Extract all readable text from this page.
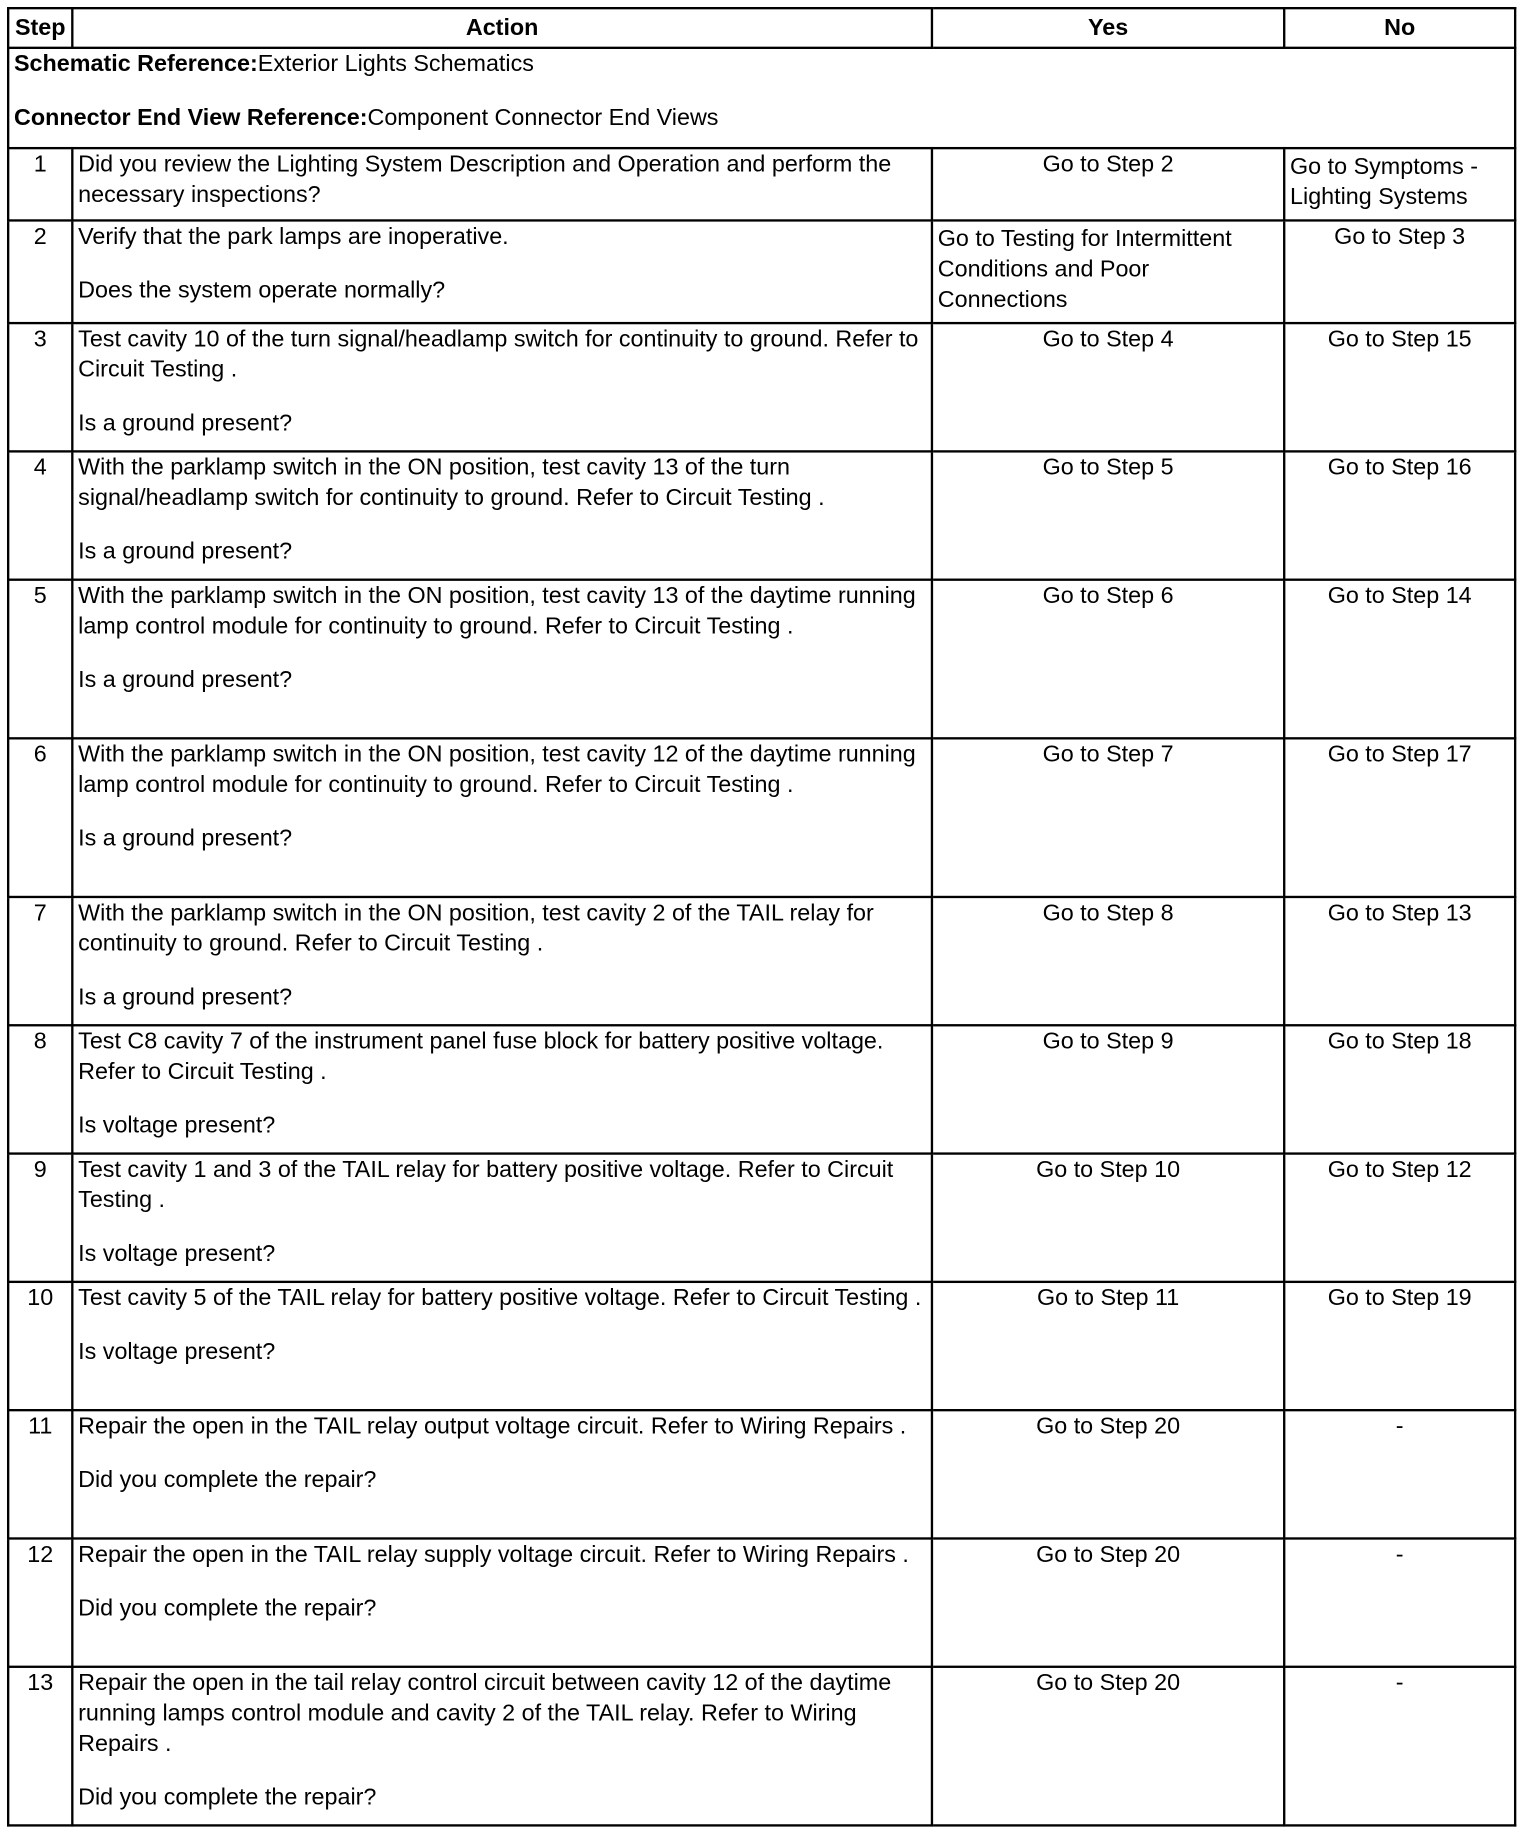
Step	Action	Yes	No

Schematic Reference:Exterior Lights Schematics

Connector End View Reference:Component Connector End Views			

1	Did you review the Lighting System Description and Operation and perform the necessary inspections?	Go to Step 2	Go to Symptoms - Lighting Systems
2	Verify that the park lamps are inoperative.
Does the system operate normally?	Go to Testing for Intermittent Conditions and Poor Connections	Go to Step 3
3	Test cavity 10 of the turn signal/headlamp switch for continuity to ground. Refer to Circuit Testing .
Is a ground present?	Go to Step 4	Go to Step 15
4	With the parklamp switch in the ON position, test cavity 13 of the turn signal/headlamp switch for continuity to ground. Refer to Circuit Testing .
Is a ground present?	Go to Step 5	Go to Step 16
5	With the parklamp switch in the ON position, test cavity 13 of the daytime running lamp control module for continuity to ground. Refer to Circuit Testing .
Is a ground present?	Go to Step 6	Go to Step 14
6	With the parklamp switch in the ON position, test cavity 12 of the daytime running lamp control module for continuity to ground. Refer to Circuit Testing .
Is a ground present?	Go to Step 7	Go to Step 17
7	With the parklamp switch in the ON position, test cavity 2 of the TAIL relay for continuity to ground. Refer to Circuit Testing .
Is a ground present?	Go to Step 8	Go to Step 13
8	Test C8 cavity 7 of the instrument panel fuse block for battery positive voltage. Refer to Circuit Testing .
Is voltage present?	Go to Step 9	Go to Step 18
9	Test cavity 1 and 3 of the TAIL relay for battery positive voltage. Refer to Circuit Testing .
Is voltage present?	Go to Step 10	Go to Step 12
10	Test cavity 5 of the TAIL relay for battery positive voltage. Refer to Circuit Testing .
Is voltage present?	Go to Step 11	Go to Step 19
11	Repair the open in the TAIL relay output voltage circuit. Refer to Wiring Repairs .
Did you complete the repair?	Go to Step 20	-
12	Repair the open in the TAIL relay supply voltage circuit. Refer to Wiring Repairs .
Did you complete the repair?	Go to Step 20	-
13	Repair the open in the tail relay control circuit between cavity 12 of the daytime running lamps control module and cavity 2 of the TAIL relay. Refer to Wiring Repairs .
Did you complete the repair?	Go to Step 20	-
